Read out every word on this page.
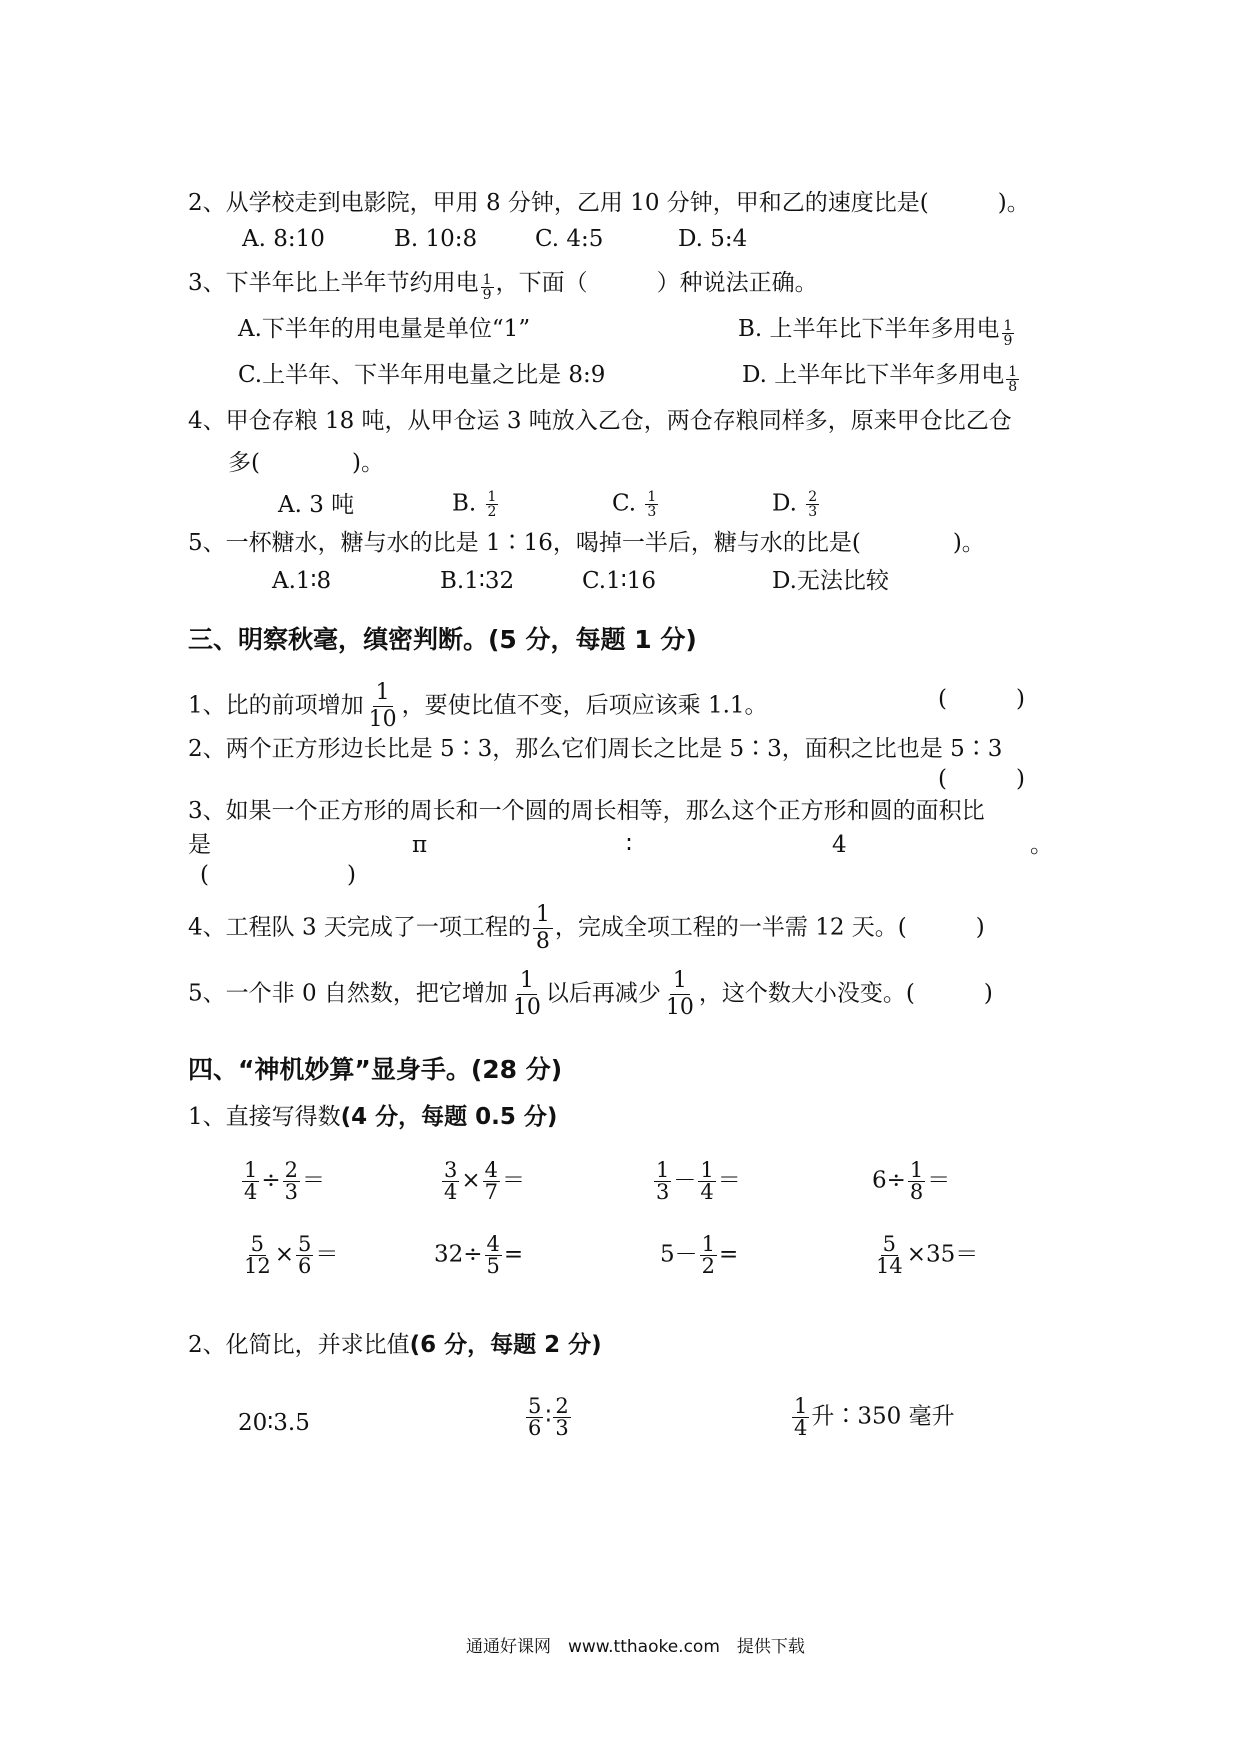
2、从学校走到电影院，甲用 8 分钟，乙用 10 分钟，甲和乙的速度比是(　　　)。
A. 8:10	B. 10:8	C. 4:5	D. 5:4
3、下半年比上半年节约用电 $\frac{1}{9}$ ，下面（　　　）种说法正确。
A.下半年的用电量是单位“1”	B. 上半年比下半年多用电 $\frac{1}{9}$
C.上半年、下半年用电量之比是 8:9	D. 上半年比下半年多用电 $\frac{1}{8}$
4、甲仓存粮 18 吨，从甲仓运 3 吨放入乙仓，两仓存粮同样多，原来甲仓比乙仓
多(　　　　)。
A. 3 吨	B. $\frac{1}{2}$	C. $\frac{1}{3}$	D. $\frac{2}{3}$
5、一杯糖水，糖与水的比是 1∶16，喝掉一半后，糖与水的比是(　　　　)。
A.1∶8	B.1∶32	C.1∶16	D.无法比较
三、明察秋毫，缜密判断。(5 分，每题 1 分)
1、比的前项增加 $\frac{1}{10}$ ，要使比值不变，后项应该乘 1.1。	(　　　)
2、两个正方形边长比是 5∶3，那么它们周长之比是 5∶3，面积之比也是 5∶3
(　　　)
3、如果一个正方形的周长和一个圆的周长相等，那么这个正方形和圆的面积比
是	π	∶	4	。
(　　　　　　)
4、工程队 3 天完成了一项工程的 $\frac{1}{8}$ ，完成全项工程的一半需 12 天。(　　　)
5、一个非 0 自然数，把它增加 $\frac{1}{10}$ 以后再减少 $\frac{1}{10}$ ，这个数大小没变。(　　　)
四、“神机妙算”显身手。(28 分)
1、直接写得数(4 分，每题 0.5 分)
$\frac{1}{4} \div \frac{2}{3}$ ＝	$\frac{3}{4} \times \frac{4}{7}$ ＝	$\frac{1}{3} - \frac{1}{4}$ ＝	$6\div \frac{1}{8}$ ＝
$\frac{5}{12} \times \frac{5}{6}$ ＝	$32\div \frac{4}{5}$ =	$5- \frac{1}{2}$ =	$\frac{5}{14} \times 35=$
2、化简比，并求比值(6 分，每题 2 分)
20∶3.5	$\frac{5}{6}$ ∶ $\frac{2}{3}$	$\frac{1}{4}$ 升∶350 毫升
通通好课网　www.tthaoke.com　提供下载
